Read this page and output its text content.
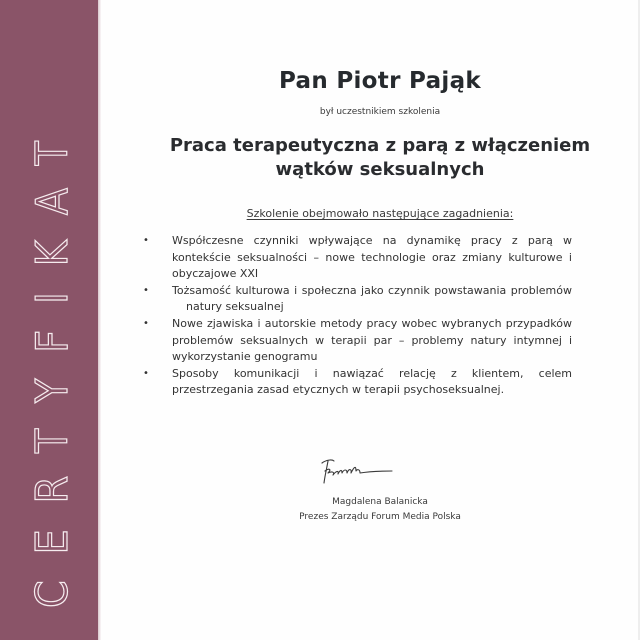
CERTYFIKAT
Pan Piotr Pająk
był uczestnikiem szkolenia
Praca terapeutyczna z parą z włączeniem
wątków seksualnych
Szkolenie obejmowało następujące zagadnienia:
• Współczesne czynniki wpływające na dynamikę pracy z parą w kontekście seksualności – nowe technologie oraz zmiany kulturowe i obyczajowe XXI
• Tożsamość kulturowa i społeczna jako czynnik powstawania problemównatury seksualnej
• Nowe zjawiska i autorskie metody pracy wobec wybranych przypadków problemów seksualnych w terapii par – problemy natury intymnej i wykorzystanie genogramu
• Sposoby komunikacji i nawiązać relację z klientem, celem przestrzegania zasad etycznych w terapii psychoseksualnej.
Magdalena Balanicka
Prezes Zarządu Forum Media Polska
